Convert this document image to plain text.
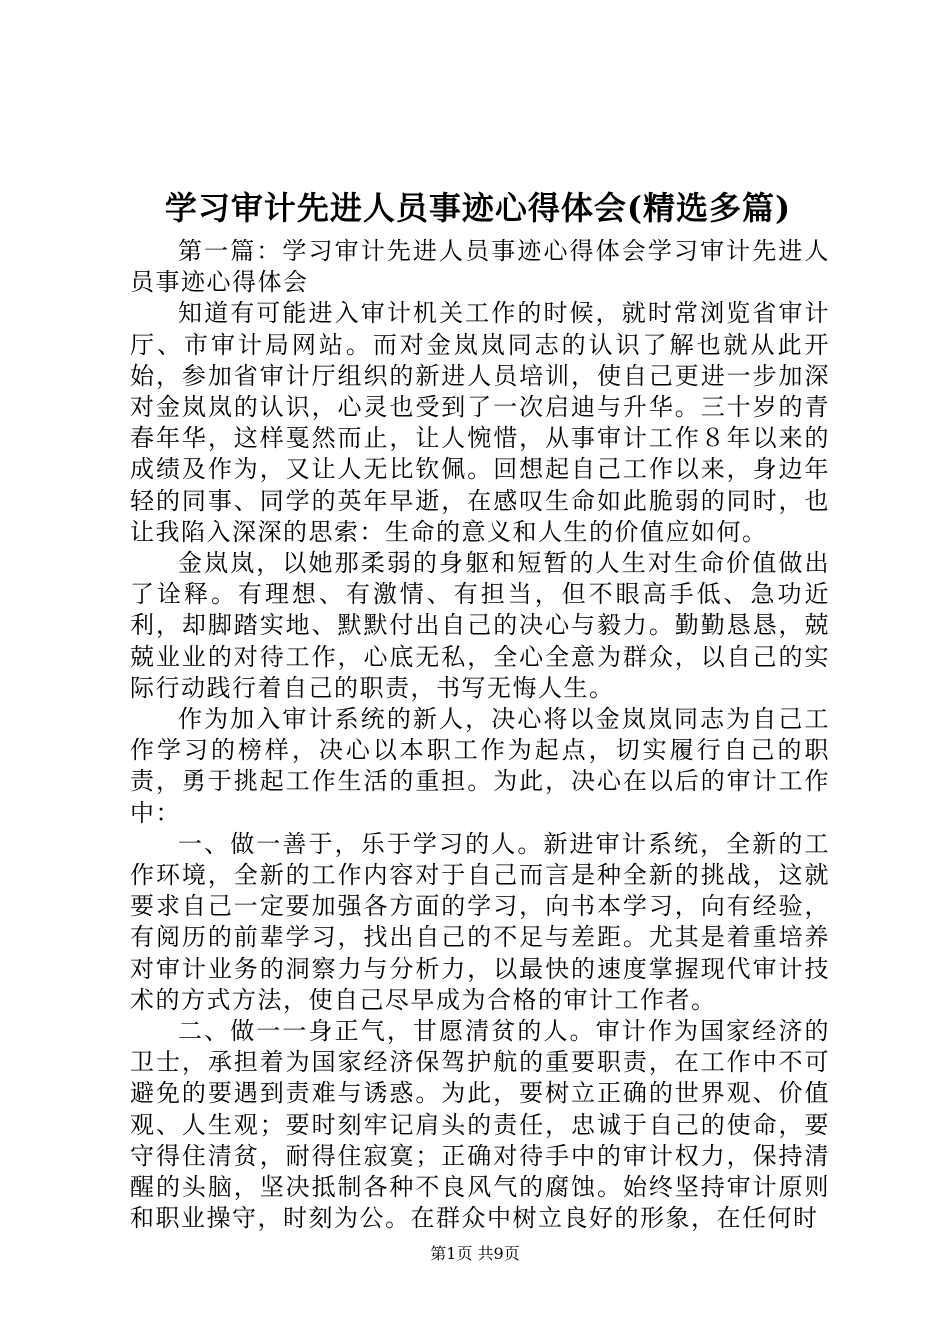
学习审计先进人员事迹心得体会(精选多篇)

第一篇：学习审计先进人员事迹心得体会学习审计先进人员事迹心得体会

知道有可能进入审计机关工作的时候，就时常浏览省审计厅、市审计局网站。而对金岚岚同志的认识了解也就从此开始，参加省审计厅组织的新进人员培训，使自己更进一步加深对金岚岚的认识，心灵也受到了一次启迪与升华。三十岁的青春年华，这样戛然而止，让人惋惜，从事审计工作８年以来的成绩及作为，又让人无比钦佩。回想起自己工作以来，身边年轻的同事、同学的英年早逝，在感叹生命如此脆弱的同时，也让我陷入深深的思索：生命的意义和人生的价值应如何。

金岚岚，以她那柔弱的身躯和短暂的人生对生命价值做出了诠释。有理想、有激情、有担当，但不眼高手低、急功近利，却脚踏实地、默默付出自己的决心与毅力。勤勤恳恳，兢兢业业的对待工作，心底无私，全心全意为群众，以自己的实际行动践行着自己的职责，书写无悔人生。

作为加入审计系统的新人，决心将以金岚岚同志为自己工作学习的榜样，决心以本职工作为起点，切实履行自己的职责，勇于挑起工作生活的重担。为此，决心在以后的审计工作中：

一、做一善于，乐于学习的人。新进审计系统，全新的工作环境，全新的工作内容对于自己而言是种全新的挑战，这就要求自己一定要加强各方面的学习，向书本学习，向有经验，有阅历的前辈学习，找出自己的不足与差距。尤其是着重培养对审计业务的洞察力与分析力，以最快的速度掌握现代审计技术的方式方法，使自己尽早成为合格的审计工作者。

二、做一一身正气，甘愿清贫的人。审计作为国家经济的卫士，承担着为国家经济保驾护航的重要职责，在工作中不可避免的要遇到责难与诱惑。为此，要树立正确的世界观、价值观、人生观；要时刻牢记肩头的责任，忠诚于自己的使命，要守得住清贫，耐得住寂寞；正确对待手中的审计权力，保持清醒的头脑，坚决抵制各种不良风气的腐蚀。始终坚持审计原则和职业操守，时刻为公。在群众中树立良好的形象，在任何时

第1页 共9页
